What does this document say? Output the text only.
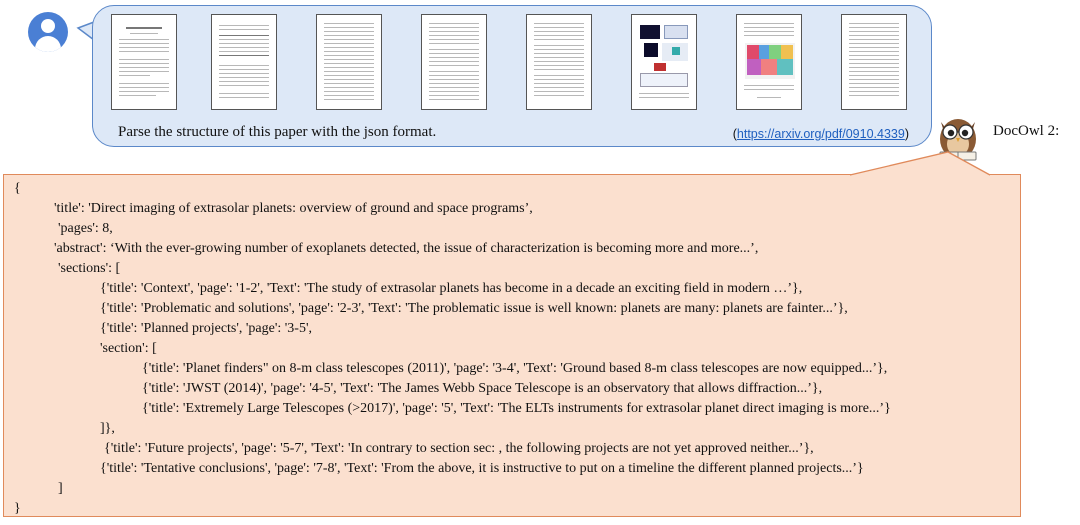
Parse the structure of this paper with the json format.	(https://arxiv.org/pdf/0910.4339)	DocOwl 2:
{
'title': 'Direct imaging of extrasolar planets: overview of ground and space programs’,
'pages': 8,
'abstract': ‘With the ever-growing number of exoplanets detected, the issue of characterization is becoming more and more...’,
'sections': [
{'title': 'Context', 'page': '1-2', 'Text': 'The study of extrasolar planets has become in a decade an exciting field in modern …’},
{'title': 'Problematic and solutions', 'page': '2-3', 'Text': 'The problematic issue is well known: planets are many: planets are fainter...’},
{'title': 'Planned projects', 'page': '3-5',
'section': [
{'title': 'Planet finders" on 8-m class telescopes (2011)', 'page': '3-4', 'Text': 'Ground based 8-m class telescopes are now equipped...’},
{'title': 'JWST (2014)', 'page': '4-5', 'Text': 'The James Webb Space Telescope is an observatory that allows diffraction...’},
{'title': 'Extremely Large Telescopes (>2017)', 'page': '5', 'Text': 'The ELTs instruments for extrasolar planet direct imaging is more...’}
]},
{'title': 'Future projects', 'page': '5-7', 'Text': 'In contrary to section sec: , the following projects are not yet approved neither...’},
{'title': 'Tentative conclusions', 'page': '7-8', 'Text': 'From the above, it is instructive to put on a timeline the different planned projects...’}
]
}
